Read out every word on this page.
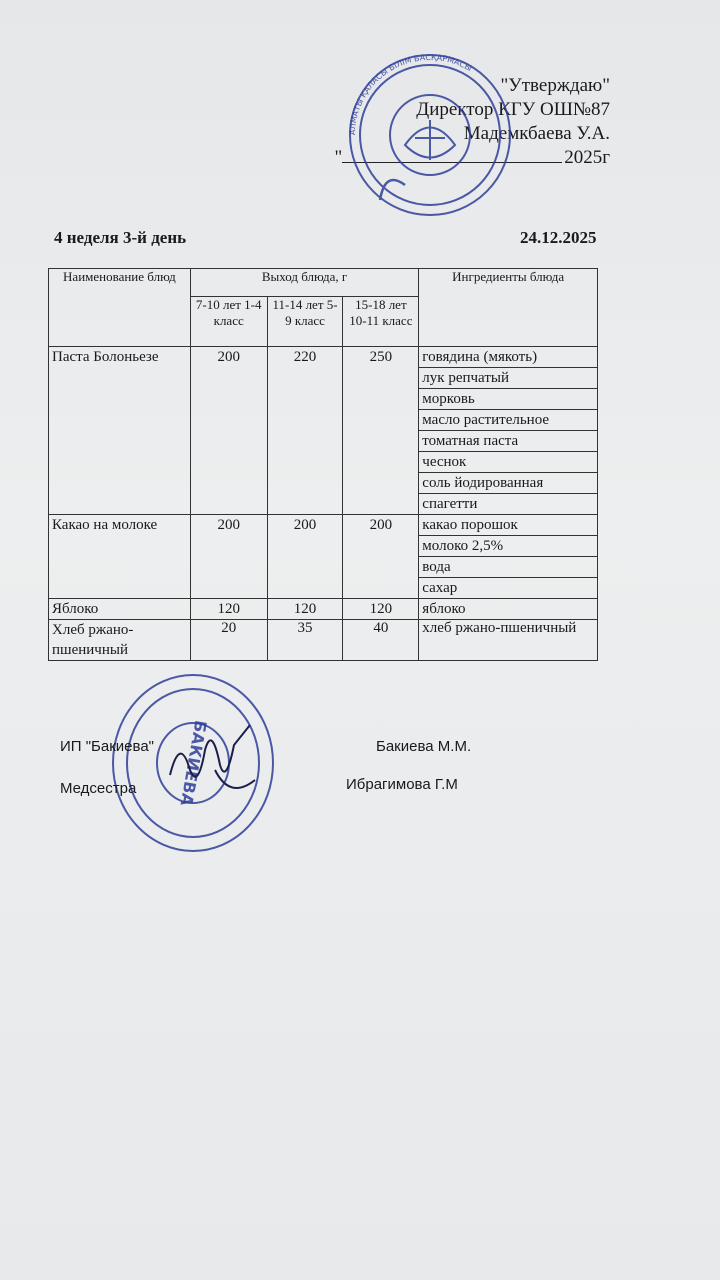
"Утверждаю"
Директор КГУ ОШ№87
Мадемкбаева У.А.
"	2025г
АЛМАТЫ ҚАЛАСЫ БІЛІМ БАСҚАРМАСЫ
4 неделя 3-й день	24.12.2025
Наименование блюд	Выход блюда, г			Ингредиенты блюда
	7-10 лет 1-4 класс	11-14 лет 5-9 класс	15-18 лет 10-11 класс	
Паста Болоньезе	200	220	250	говядина (мякоть)
				лук репчатый
				морковь
				масло растительное
				томатная паста
				чеснок
				соль йодированная
				спагетти
Какао на молоке	200	200	200	какао порошок
				молоко 2,5%
				вода
				сахар
Яблоко	120	120	120	яблоко
Хлеб ржано-пшеничный	20	35	40	хлеб ржано-пшеничный
БАКИЕВА
ИП "Бакиева"	Бакиева М.М.
Медсестра	Ибрагимова Г.М
